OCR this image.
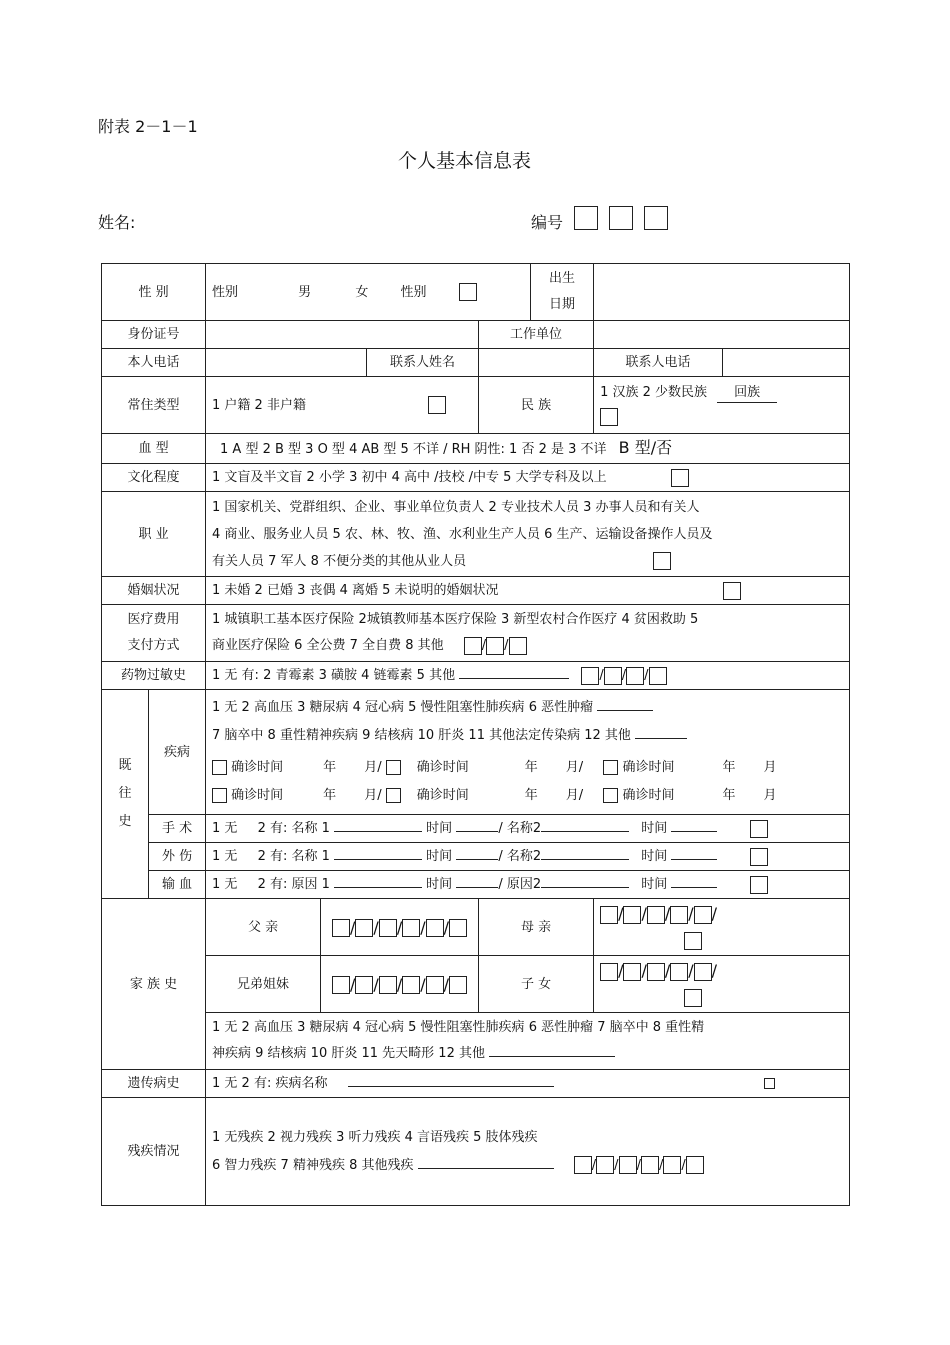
附表 2－1－1
个人基本信息表
姓名:	编号

性 别		性别 男 女 性别				出生
日期		

身份证号					工作单位			
本人电话				联系人姓名			联系人电话	
常住类型		1 户籍 2 非户籍			民 族		1 汉族 2 少数民族 回族	

血 型		1 A 型 2 B 型 3 O 型 4 AB 型 5 不详 / RH 阴性: 1 否 2 是 3 不详 B 型/否						
文化程度		1 文盲及半文盲 2 小学 3 初中 4 高中 /技校 /中专 5 大学专科及以上						
职 业		1 国家机关、党群组织、企业、事业单位负责人 2 专业技术人员 3 办事人员和有关人
4 商业、服务业人员 5 农、林、牧、渔、水利业生产人员 6 生产、运输设备操作人员及
有关人员 7 军人 8 不便分类的其他从业人员						

婚姻状况		1 未婚 2 已婚 3 丧偶 4 离婚 5 未说明的婚姻状况						

医疗费用
支付方式		1 城镇职工基本医疗保险 2城镇教师基本医疗保险 3 新型农村合作医疗 4 贫困救助 5
商业医疗保险 6 全公费 7 全自费 8 其他 / /						

药物过敏史		1 无 有: 2 青霉素 3 磺胺 4 链霉素 5 其他 / / /						

既
往
史	疾病	1 无 2 高血压 3 糖尿病 4 冠心病 5 慢性阻塞性肺疾病 6 恶性肿瘤
7 脑卒中 8 重性精神疾病 9 结核病 10 肝炎 11 其他法定传染病 12 其他
确诊时间 年 月/ 确诊时间 年 月/ 确诊时间 年 月
确诊时间 年 月/ 确诊时间 年 月/ 确诊时间 年 月						

	手 术	1 无 2 有: 名称 1 时间 / 名称2 时间						
	外 伤	1 无 2 有: 名称 1 时间 / 名称2 时间						
	输 血	1 无 2 有: 原因 1 时间 / 原因2 时间						
家 族 史		父 亲	/ / / / /		母 亲		/ / / / /	

		兄弟姐妹	/ / / / /		子 女		/ / / / /	

		1 无 2 高血压 3 糖尿病 4 冠心病 5 慢性阻塞性肺疾病 6 恶性肿瘤 7 脑卒中 8 重性精
神疾病 9 结核病 10 肝炎 11 先天畸形 12 其他						

遗传病史		1 无 2 有: 疾病名称						
残疾情况		1 无残疾 2 视力残疾 3 听力残疾 4 言语残疾 5 肢体残疾
6 智力残疾 7 精神残疾 8 其他残疾 / / / / /						
